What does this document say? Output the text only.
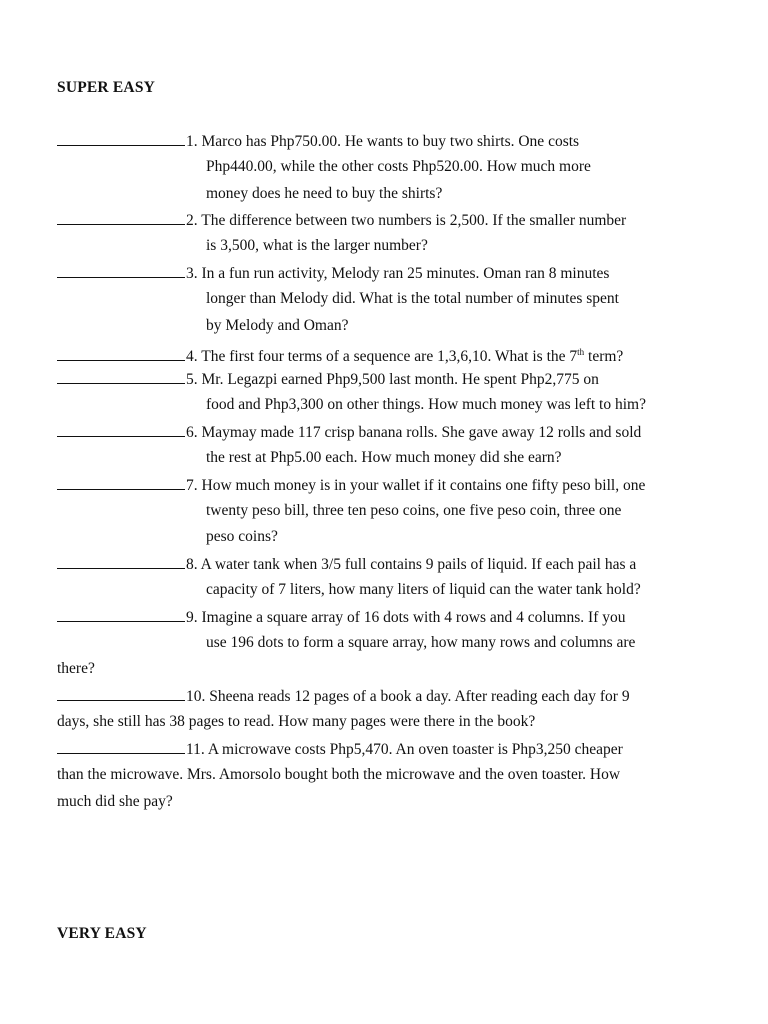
SUPER EASY
1. Marco has Php750.00. He wants to buy two shirts. One costs
Php440.00, while the other costs Php520.00. How much more
money does he need to buy the shirts?
2. The difference between two numbers is 2,500. If the smaller number
is 3,500, what is the larger number?
3. In a fun run activity, Melody ran 25 minutes. Oman ran 8 minutes
longer than Melody did. What is the total number of minutes spent
by Melody and Oman?
4. The first four terms of a sequence are 1,3,6,10. What is the 7th term?
5. Mr. Legazpi earned Php9,500 last month. He spent Php2,775 on
food and Php3,300 on other things. How much money was left to him?
6. Maymay made 117 crisp banana rolls. She gave away 12 rolls and sold
the rest at Php5.00 each. How much money did she earn?
7. How much money is in your wallet if it contains one fifty peso bill, one
twenty peso bill, three ten peso coins, one five peso coin, three one
peso coins?
8. A water tank when 3/5 full contains 9 pails of liquid. If each pail has a
capacity of 7 liters, how many liters of liquid can the water tank hold?
9. Imagine a square array of 16 dots with 4 rows and 4 columns. If you
use 196 dots to form a square array, how many rows and columns are
there?
10. Sheena reads 12 pages of a book a day. After reading each day for 9
days, she still has 38 pages to read. How many pages were there in the book?
11. A microwave costs Php5,470. An oven toaster is Php3,250 cheaper
than the microwave. Mrs. Amorsolo bought both the microwave and the oven toaster. How
much did she pay?
VERY EASY
